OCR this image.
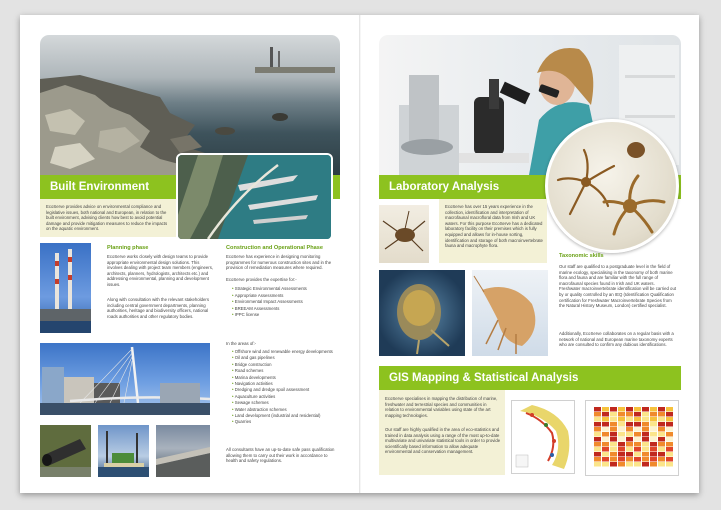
Built Environment

EcoServe provides advice on environmental compliance and legislative issues, both national and European, in relation to the built environment, advising clients how best to avoid potential damage and provide mitigation measures to reduce the impacts on the aquatic environment.

Planning phase

EcoServe works closely with design teams to provide appropriate environmental design solutions. This involves dealing with project team members (engineers, architects, planners, hydrologists, architects etc.) and addressing environmental, planning and development issues.

Along with consultation with the relevant stakeholders including central government departments, planning authorities, heritage and biodiversity officers, national roads authorities and other regulatory bodies.

Construction and Operational Phase

EcoServe has experience in designing monitoring programmes for numerous construction sites and in the provision of remediation measures where required.

EcoServe provides the expertise for:-

• Strategic Environmental Assessments
• Appropriate Assessments
• Environmental Impact Assessments
• BREEAM Assessments
• IPPC license

In the areas of:-

• Offshore wind and renewable energy developments
• Oil and gas pipelines
• Bridge construction
• Road schemes
• Marina developments
• Navigation activities
• Dredging and dredge spoil assessment
• Aquaculture activities
• Sewage schemes
• Water abstraction schemes
• Land development (industrial and residential)
• Quarries

All consultants have an up-to-date safe pass qualification allowing them to carry out their work in accordance to health and safety regulations.

Laboratory Analysis

EcoServe has over 15 years experience in the collection, identification and interpretation of macrofaunal macrofloral data from Irish and UK waters. For this purpose EcoServe has a dedicated laboratory facility on their premises which is fully equipped and allows for in-house sorting, identification and storage of both macroinvertebrate fauna and macrophyte flora.

Taxonomic skills

Our staff are qualified to a postgraduate level in the field of marine ecology, specialising in the taxonomy of both marine flora and fauna and are familiar with the full range of macrofaunal species found in Irish and UK waters. Freshwater macroinvertebrate identification will be carried out by or quality controlled by an IEQ (Identification Qualification certification for Freshwater Macroinvertebrate Species from the Natural History Museum, London) certified specialist.

Additionally, EcoServe collaborates on a regular basis with a network of national and European marine taxonomy experts who are consulted to confirm any dubious identifications.

GIS Mapping & Statistical Analysis

EcoServe specialises in mapping the distribution of marine, freshwater and terrestrial species and communities in relation to environmental variables using state of the art mapping technologies.

Our staff are highly qualified in the area of eco-statistics and trained in data analysis using a range of the most up-to-date multivariate and univariate statistical tools in order to provide scientifically based information to allow adequate environmental and conservation management.
